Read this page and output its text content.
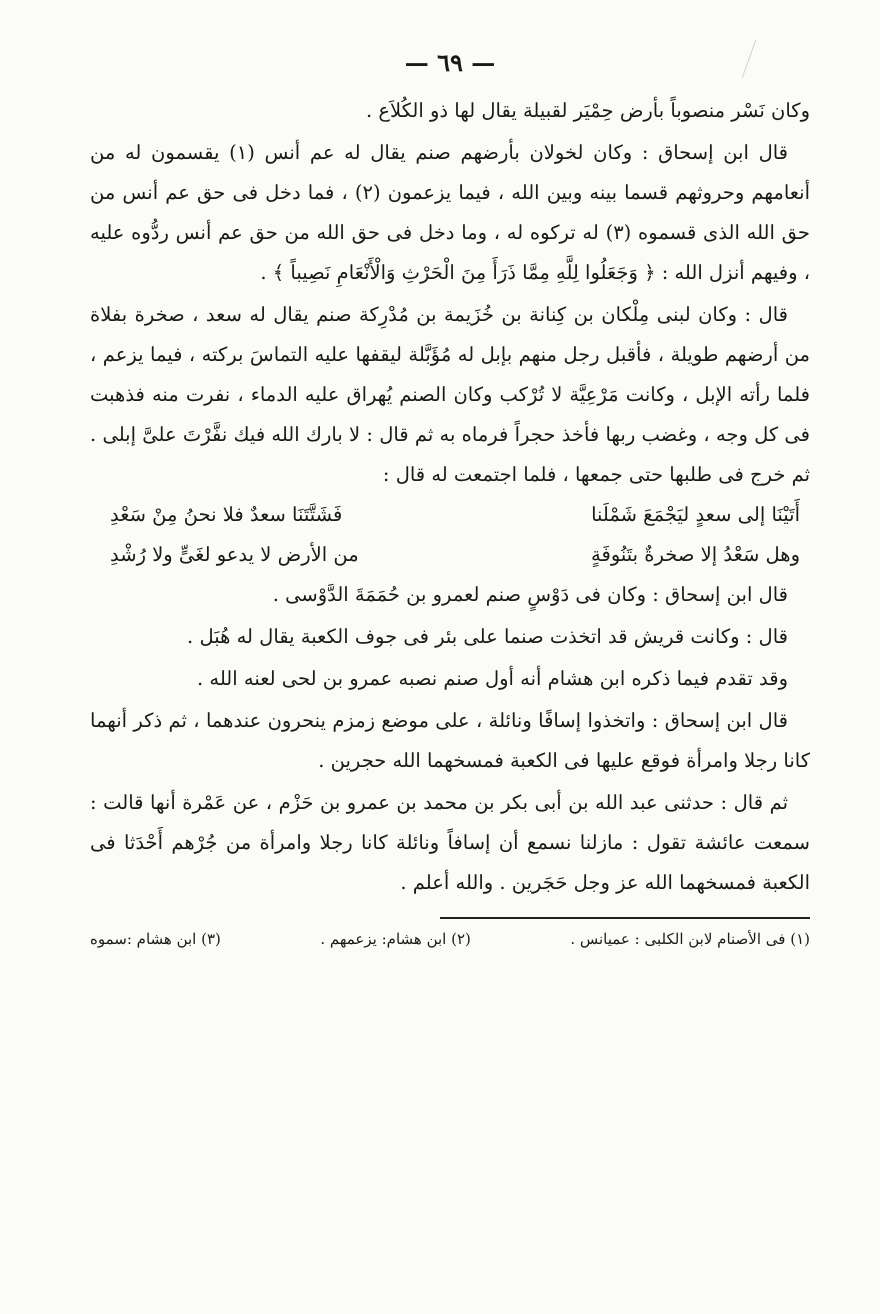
— ٦٩ —

وكان نَسْر منصوباً بأرض حِمْيَر لقبيلة يقال لها ذو الكُلاَع .

قال ابن إسحاق : وكان لخولان بأرضهم صنم يقال له عم أنس (١) يقسمون له من أنعامهم وحروثهم قسما بينه وبين الله ، فيما يزعمون (٢) ، فما دخل فى حق عم أنس من حق الله الذى قسموه (٣) له تركوه له ، وما دخل فى حق الله من حق عم أنس ردُّوه عليه ، وفيهم أنزل الله : ﴿ وَجَعَلُوا لِلَّهِ مِمَّا ذَرَأَ مِنَ الْحَرْثِ وَالْأَنْعَامِ نَصِيباً ﴾ .

قال : وكان لبنى مِلْكان بن كِنانة بن خُزَيمة بن مُدْرِكة صنم يقال له سعد ، صخرة بفلاة من أرضهم طويلة ، فأقبل رجل منهم بإبل له مُؤَبَّلة ليقفها عليه التماسَ بركته ، فيما يزعم ، فلما رأته الإبل ، وكانت مَرْعِيَّة لا تُرْكب وكان الصنم يُهراق عليه الدماء ، نفرت منه فذهبت فى كل وجه ، وغضب ربها فأخذ حجراً فرماه به ثم قال : لا بارك الله فيك نفَّرْتَ علىَّ إبلى . ثم خرج فى طلبها حتى جمعها ، فلما اجتمعت له قال :

أَتَيْنَا إلى سعدٍ ليَجْمَعَ شَمْلَنا
فَشَتَّتَنَا سعدٌ فلا نحنُ مِنْ سَعْدِ
وهل سَعْدُ إلا صخرةٌ بتَنُوفَةٍ
من الأرض لا يدعو لغَىٍّ ولا رُشْدِ

قال ابن إسحاق : وكان فى دَوْسٍ صنم لعمرو بن حُمَمَةَ الدَّوْسى .

قال : وكانت قريش قد اتخذت صنما على بئر فى جوف الكعبة يقال له هُبَل .

وقد تقدم فيما ذكره ابن هشام أنه أول صنم نصبه عمرو بن لحى لعنه الله .

قال ابن إسحاق : واتخذوا إسافًا ونائلة ، على موضع زمزم ينحرون عندهما ، ثم ذكر أنهما كانا رجلا وامرأة فوقع عليها فى الكعبة فمسخهما الله حجرين .

ثم قال : حدثنى عبد الله بن أبى بكر بن محمد بن عمرو بن حَزْم ، عن عَمْرة أنها قالت : سمعت عائشة تقول : مازلنا نسمع أن إسافاً ونائلة كانا رجلا وامرأة من جُرْهم أَحْدَثا فى الكعبة فمسخهما الله عز وجل حَجَرين . والله أعلم .

(١) فى الأصنام لابن الكلبى : عميانس .
(٢) ابن هشام: يزعمهم .
(٣) ابن هشام :سموه
